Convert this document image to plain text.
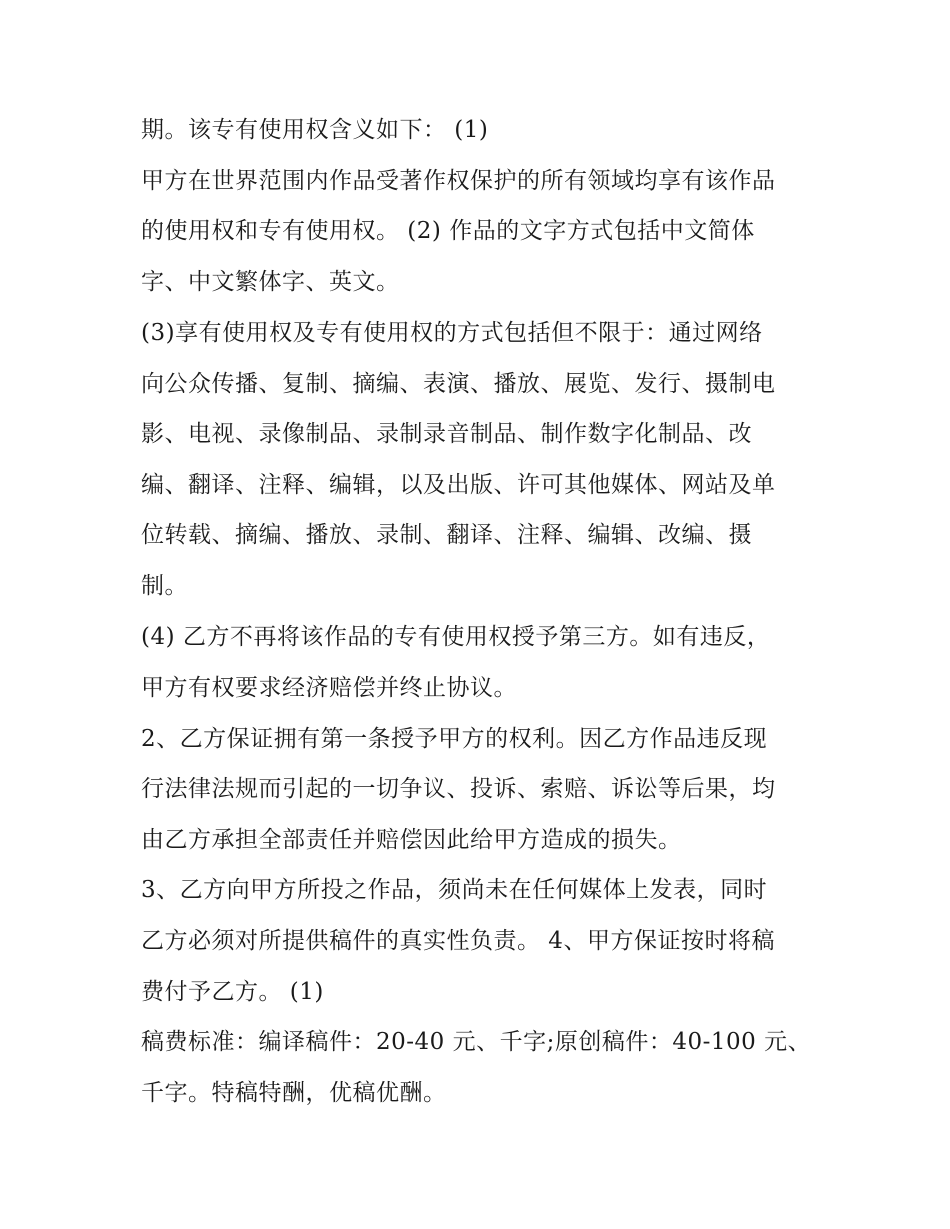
期。该专有使用权含义如下： (1)

甲方在世界范围内作品受著作权保护的所有领域均享有该作品

的使用权和专有使用权。 (2) 作品的文字方式包括中文简体

字、中文繁体字、英文。

(3)享有使用权及专有使用权的方式包括但不限于：通过网络

向公众传播、复制、摘编、表演、播放、展览、发行、摄制电

影、电视、录像制品、录制录音制品、制作数字化制品、改

编、翻译、注释、编辑，以及出版、许可其他媒体、网站及单

位转载、摘编、播放、录制、翻译、注释、编辑、改编、摄

制。

(4) 乙方不再将该作品的专有使用权授予第三方。如有违反，

甲方有权要求经济赔偿并终止协议。

2、乙方保证拥有第一条授予甲方的权利。因乙方作品违反现

行法律法规而引起的一切争议、投诉、索赔、诉讼等后果，均

由乙方承担全部责任并赔偿因此给甲方造成的损失。

3、乙方向甲方所投之作品，须尚未在任何媒体上发表，同时

乙方必须对所提供稿件的真实性负责。 4、甲方保证按时将稿

费付予乙方。 (1)

稿费标准：编译稿件：20-40 元、千字;原创稿件：40-100 元、

千字。特稿特酬，优稿优酬。
